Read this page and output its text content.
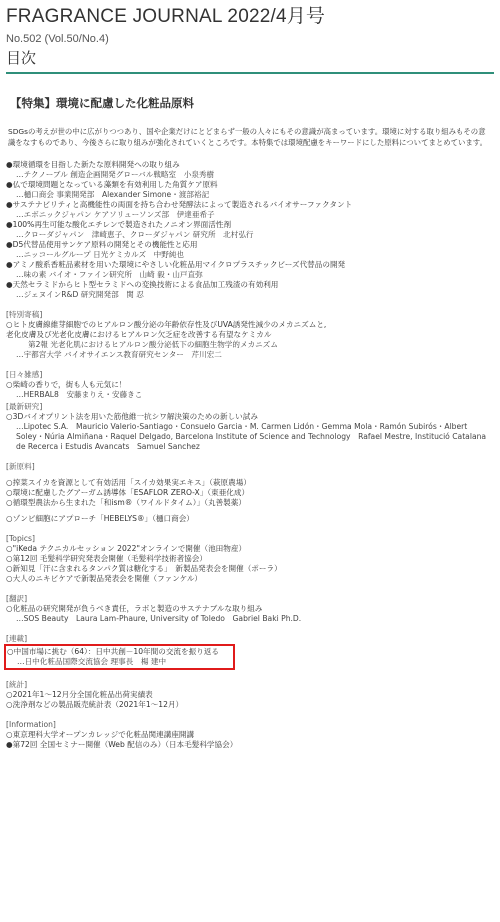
FRAGRANCE JOURNAL 2022/4月号
No.502 (Vol.50/No.4)
目次
【特集】環境に配慮した化粧品原料
SDGsの考えが世の中に広がりつつあり、国や企業だけにとどまらず一般の人々にもその意識が高まっています。環境に対する取り組みもその意識をなすものであり、今後さらに取り組みが強化されていくところです。本特集では環境配慮をキーワードにした原料についてまとめています。
●環境循環を目指した新たな原料開発への取り組み
…テクノーブル 創造企画開発グローバル戦略室　小泉秀樹
●仏で環境問題となっている藻類を有効利用した角質ケア原料
…樋口商会 事業開発部　Alexander Simone・渡部裕記
●サステナビリティと高機能性の両面を持ち合わせ発酵法によって製造されるバイオサーファクタント
…エボニックジャパン ケアソリューソンズ部　伊達亜希子
●100%再生可能な酸化エチレンで製造されたノニオン界面活性剤
…クローダジャパン　津崎恵子、クローダジャパン 研究所　北村弘行
●D5代替品使用サンケア原料の開発とその機能性と応用
…ニッコールグループ 日光ケミカルズ　中野純也
●アミノ酸系香粧品素材を用いた環境にやさしい化粧品用マイクロプラスチックビーズ代替品の開発
…味の素 バイオ・ファイン研究所　山崎 毅・山戸直弥
●天然セラミドからヒト型セラミドへの変換技術による食品加工残渣の有効利用
…ジェヌインR&D 研究開発部　関 忍
[特別寄稿]
○ヒト皮膚線維芽細胞でのヒアルロン酸分泌の年齢依存性及びUVA誘発性減少のメカニズムと,
老化皮膚及び光老化皮膚におけるヒアルロン欠乏症を改善する有望なケミカル
第2報 光老化肌におけるヒアルロン酸分泌低下の細胞生物学的メカニズム
…宇都宮大学 バイオサイエンス教育研究センター　芹川宏二
[日々雑感]
○柴崎の香りで，街も人も元気に！
…HERBAL8　安藤まりえ・安藤きこ
[最新研究]
○3Dバイオプリント法を用いた筋他維一抗シワ解決策のための新しい試み
…Lipotec S.A.　Mauricio Valerio-Santiago・Consuelo Garcia・M. Carmen Lidón・Gemma Mola・Ramón Subirós・Albert Soley・Núria Almiñana・Raquel Delgado, Barcelona Institute of Science and Technology　Rafael Mestre, Institució Catalana de Recerca i Estudis Avancats　Samuel Sanchez
[新原料]
○搾菜スイカを資源として有効活用「スイカ効果実エキス」（萩原農場）
○環境に配慮したグアーガム誘導体「ESAFLOR ZERO-X」（東亜化成）
○循環型農法から生まれた「和ism®（ワイルドタイム）」（丸善製薬）
○ゾンビ細胞にアプローチ「HEBELYS®」（樋口商会）
[Topics]
○"iKeda テクニカルセッション 2022"オンラインで開催（池田物産）
○第12回 毛髪科学研究発表会開催（毛髪科学技術者協会）
○新知見「汗に含まれるタンパク質は糖化する」　新製品発表会を開催（ポーラ）
○大人のニキビケアで新製品発表会を開催（ファンケル）
[翻訳]
○化粧品の研究開発が負うべき責任，ラボと製造のサステナブルな取り組み
…SOS Beauty　Laura Lam-Phaure, University of Toledo　Gabriel Baki Ph.D.
[連載]
○中国市場に挑む（64）：日中共創－10年間の交流を振り返る
…日中化粧品国際交流協会 理事長　楊 建中
[統計]
○2021年1～12月分全国化粧品出荷実績表
○洗浄剤などの製品販売統計表（2021年1～12月）
[Information]
○東京理科大学オープンカレッジで化粧品関連講座開講
●第72回 全国セミナー開催（Web 配信のみ）（日本毛髪科学協会）
